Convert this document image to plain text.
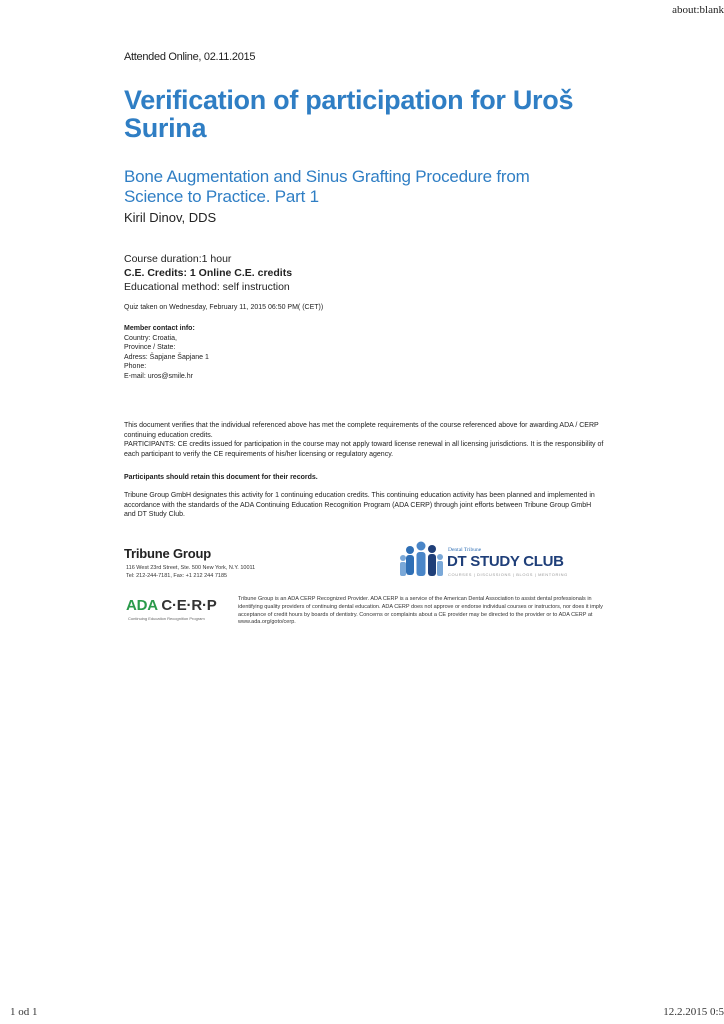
about:blank
Attended Online, 02.11.2015
Verification of participation for Uroš Surina
Bone Augmentation and Sinus Grafting Procedure from Science to Practice. Part 1
Kiril Dinov, DDS
Course duration:1 hour
C.E. Credits: 1 Online C.E. credits
Educational method: self instruction
Quiz taken on Wednesday, February 11, 2015 06:50 PM( (CET))
Member contact info:
Country: Croatia,
Province / State:
Adress: Šapjane Šapjane 1
Phone:
E-mail: uros@smile.hr
This document verifies that the individual referenced above has met the complete requirements of the course referenced above for awarding ADA / CERP continuing education credits.
PARTICIPANTS: CE credits issued for participation in the course may not apply toward license renewal in all licensing jurisdictions. It is the responsibility of each participant to verify the CE requirements of his/her licensing or regulatory agency.
Participants should retain this document for their records.
Tribune Group GmbH designates this activity for 1 continuing education credits. This continuing education activity has been planned and implemented in accordance with the standards of the ADA Continuing Education Recognition Program (ADA CERP) through joint efforts between Tribune Group GmbH and DT Study Club.
Tribune Group
116 West 23rd Street, Ste. 500 New York, N.Y. 10011
Tel: 212-244-7181, Fax: +1 212 244 7185
Dental Tribune
DT STUDY CLUB
COURSES | DISCUSSIONS | BLOGS | MENTORING
ADA C·E·R·P
Continuing Education Recognition Program
Tribune Group is an ADA CERP Recognized Provider. ADA CERP is a service of the American Dental Association to assist dental professionals in identifying quality providers of continuing dental education. ADA CERP does not approve or endorse individual courses or instructors, nor does it imply acceptance of credit hours by boards of dentistry. Concerns or complaints about a CE provider may be directed to the provider or to ADA CERP at www.ada.org/goto/cerp.
1 od 1	12.2.2015 0:5
